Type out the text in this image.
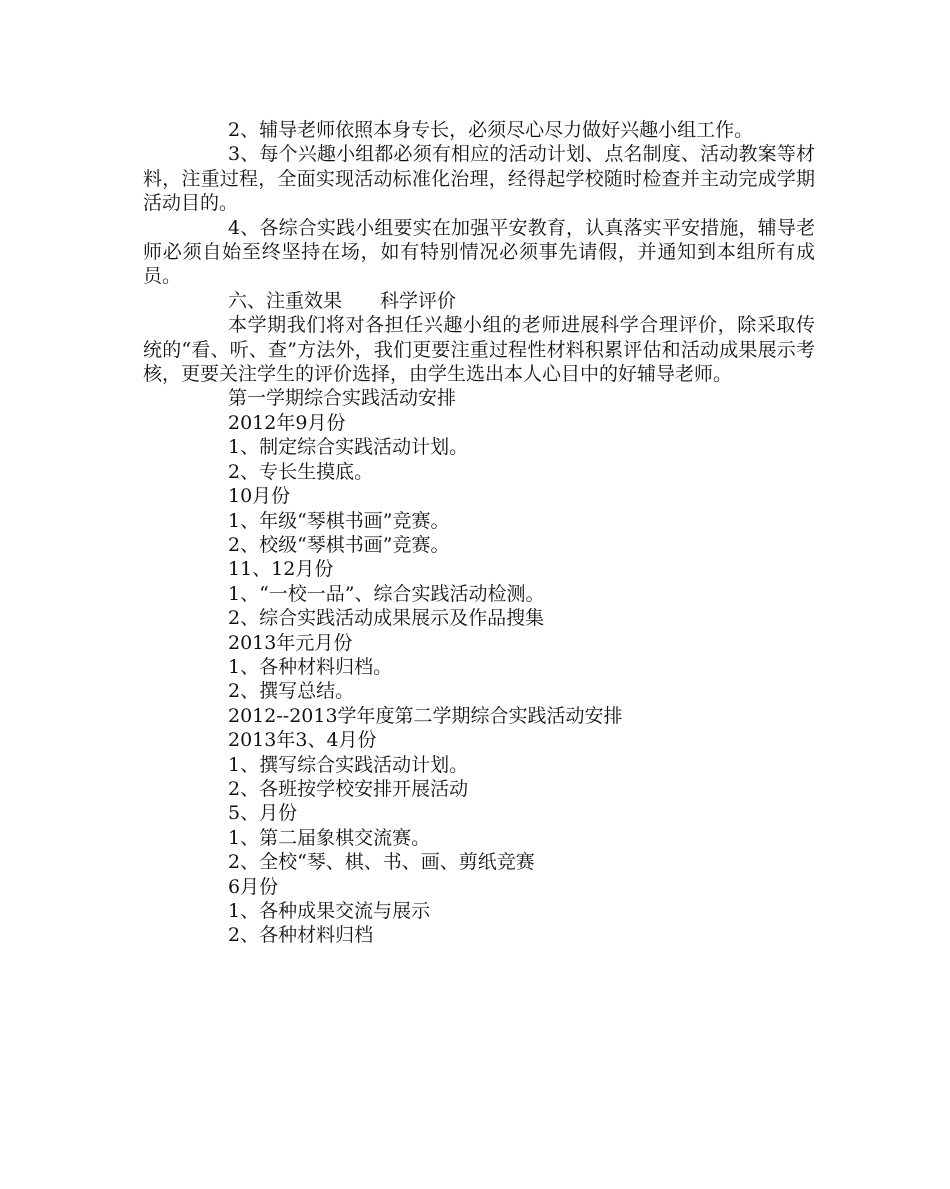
2、辅导老师依照本身专长，必须尽心尽力做好兴趣小组工作。

3、每个兴趣小组都必须有相应的活动计划、点名制度、活动教案等材料，注重过程，全面实现活动标准化治理，经得起学校随时检查并主动完成学期活动目的。

4、各综合实践小组要实在加强平安教育，认真落实平安措施，辅导老师必须自始至终坚持在场，如有特别情况必须事先请假，并通知到本组所有成员。

六、注重效果　　科学评价

本学期我们将对各担任兴趣小组的老师进展科学合理评价，除采取传统的“看、听、查”方法外，我们更要注重过程性材料积累评估和活动成果展示考核，更要关注学生的评价选择，由学生选出本人心目中的好辅导老师。

第一学期综合实践活动安排

2012年9月份

1、制定综合实践活动计划。

2、专长生摸底。

10月份

1、年级“琴棋书画”竞赛。

2、校级“琴棋书画”竞赛。

11、12月份

1、“一校一品”、综合实践活动检测。

2、综合实践活动成果展示及作品搜集

2013年元月份

1、各种材料归档。

2、撰写总结。

2012--2013学年度第二学期综合实践活动安排

2013年3、4月份

1、撰写综合实践活动计划。

2、各班按学校安排开展活动

5、月份

1、第二届象棋交流赛。

2、全校“琴、棋、书、画、剪纸竞赛

6月份

1、各种成果交流与展示

2、各种材料归档
